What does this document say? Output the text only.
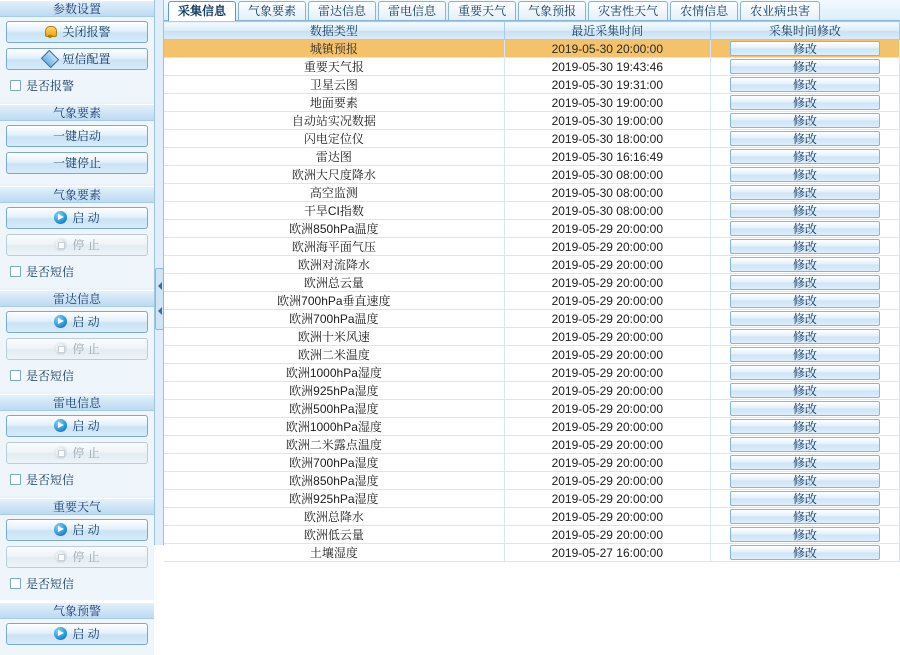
参数设置
关闭报警
短信配置
是否报警
气象要素
一键启动
一键停止
气象要素
启 动
停 止
是否短信
雷达信息
启 动
停 止
是否短信
雷电信息
启 动
停 止
是否短信
重要天气
启 动
停 止
是否短信
气象预警
启 动
采集信息	气象要素	雷达信息	雷电信息	重要天气	气象预报	灾害性天气	农情信息	农业病虫害
数据类型	最近采集时间	采集时间修改
城镇预报	2019-05-30 20:00:00	修改
重要天气报	2019-05-30 19:43:46	修改
卫星云图	2019-05-30 19:31:00	修改
地面要素	2019-05-30 19:00:00	修改
自动站实况数据	2019-05-30 19:00:00	修改
闪电定位仪	2019-05-30 18:00:00	修改
雷达图	2019-05-30 16:16:49	修改
欧洲大尺度降水	2019-05-30 08:00:00	修改
高空监测	2019-05-30 08:00:00	修改
干旱CI指数	2019-05-30 08:00:00	修改
欧洲850hPa温度	2019-05-29 20:00:00	修改
欧洲海平面气压	2019-05-29 20:00:00	修改
欧洲对流降水	2019-05-29 20:00:00	修改
欧洲总云量	2019-05-29 20:00:00	修改
欧洲700hPa垂直速度	2019-05-29 20:00:00	修改
欧洲700hPa温度	2019-05-29 20:00:00	修改
欧洲十米风速	2019-05-29 20:00:00	修改
欧洲二米温度	2019-05-29 20:00:00	修改
欧洲1000hPa湿度	2019-05-29 20:00:00	修改
欧洲925hPa湿度	2019-05-29 20:00:00	修改
欧洲500hPa湿度	2019-05-29 20:00:00	修改
欧洲1000hPa湿度	2019-05-29 20:00:00	修改
欧洲二米露点温度	2019-05-29 20:00:00	修改
欧洲700hPa湿度	2019-05-29 20:00:00	修改
欧洲850hPa湿度	2019-05-29 20:00:00	修改
欧洲925hPa湿度	2019-05-29 20:00:00	修改
欧洲总降水	2019-05-29 20:00:00	修改
欧洲低云量	2019-05-29 20:00:00	修改
土壤湿度	2019-05-27 16:00:00	修改
